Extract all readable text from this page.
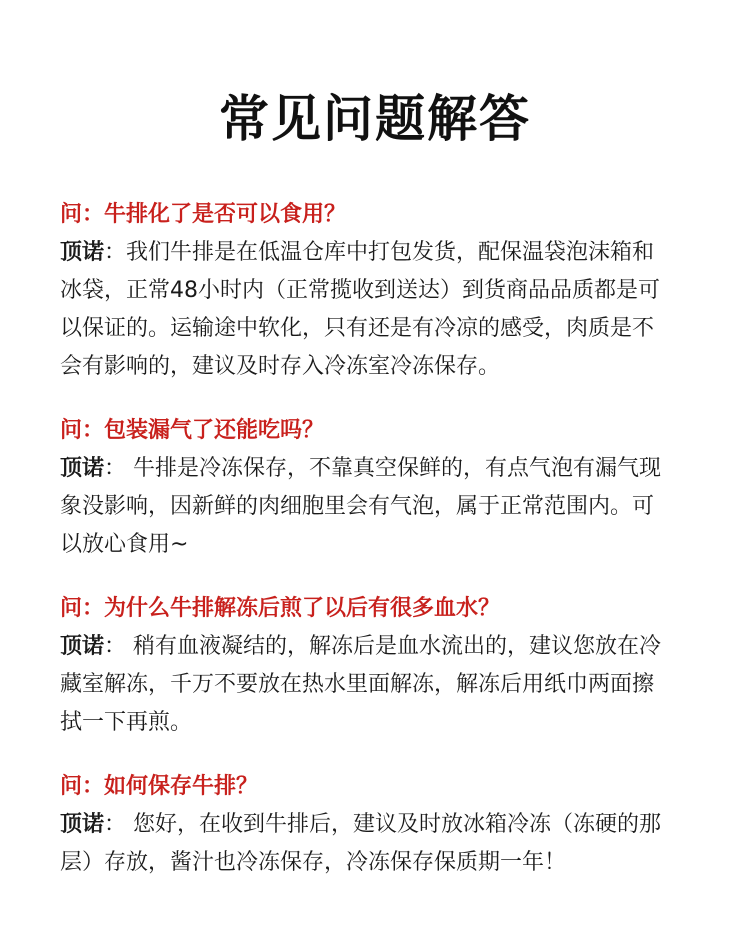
常见问题解答
问：牛排化了是否可以食用？
顶诺：我们牛排是在低温仓库中打包发货，配保温袋泡沫箱和
冰袋，正常48小时内（正常揽收到送达）到货商品品质都是可
以保证的。运输途中软化，只有还是有冷凉的感受，肉质是不
会有影响的，建议及时存入冷冻室冷冻保存。
问：包装漏气了还能吃吗？
顶诺： 牛排是冷冻保存，不靠真空保鲜的，有点气泡有漏气现
象没影响，因新鲜的肉细胞里会有气泡，属于正常范围内。可
以放心食用~
问：为什么牛排解冻后煎了以后有很多血水？
顶诺： 稍有血液凝结的，解冻后是血水流出的，建议您放在冷
藏室解冻，千万不要放在热水里面解冻，解冻后用纸巾两面擦
拭一下再煎。
问：如何保存牛排？
顶诺： 您好，在收到牛排后，建议及时放冰箱冷冻（冻硬的那
层）存放，酱汁也冷冻保存，冷冻保存保质期一年！
